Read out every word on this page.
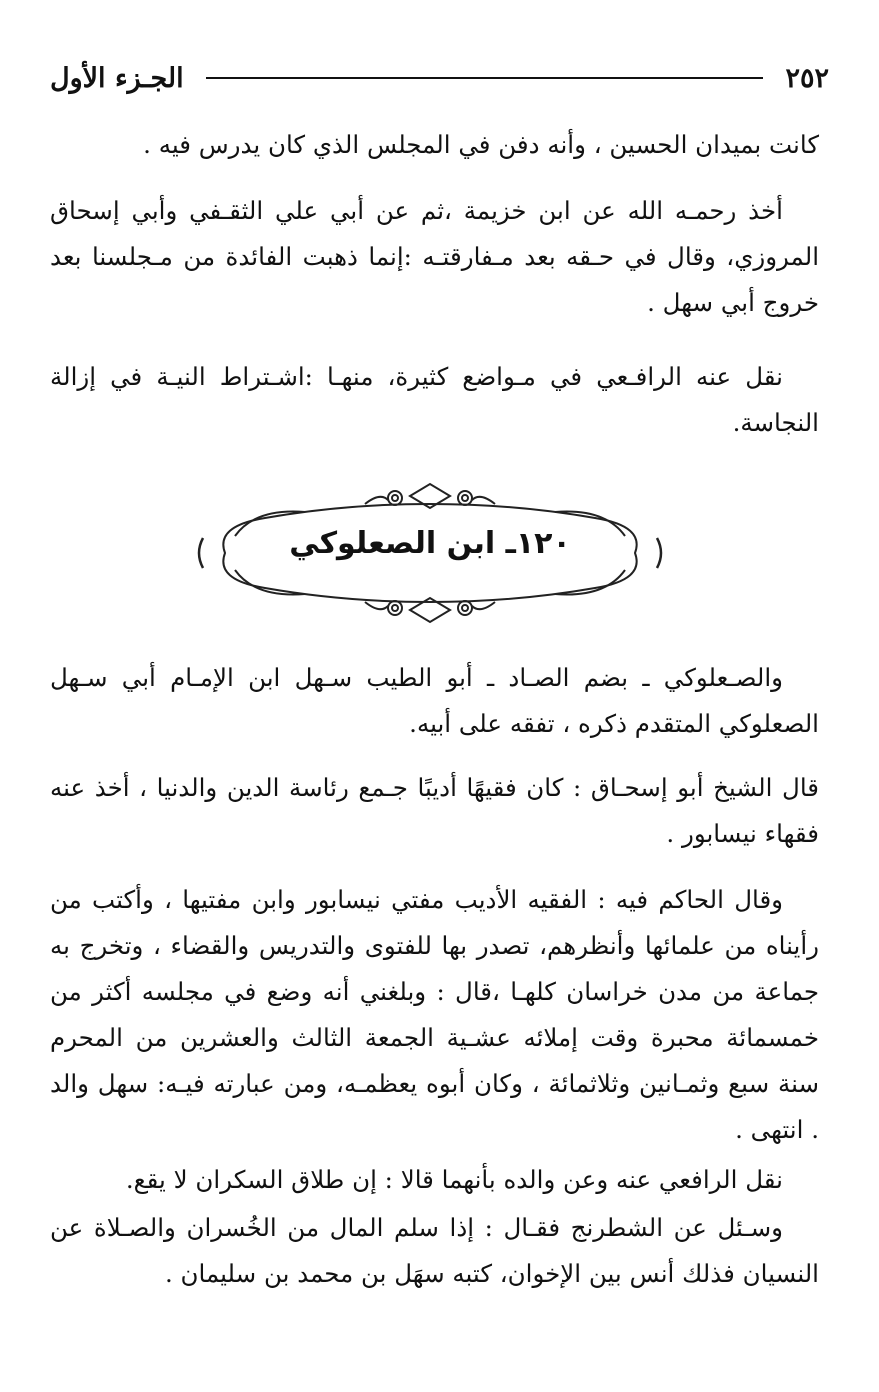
٢٥٢
الجـزء الأول

كانت بميدان الحسين ، وأنه دفن في المجلس الذي كان يدرس فيه .

أخذ رحمـه الله عن ابن خزيمة ،ثم عن أبي علي الثقـفي وأبي إسحاق المروزي، وقال في حـقه بعد مـفارقتـه :إنما ذهبت الفائدة من مـجلسنا بعد خروج أبي سهل .

نقل عنه الرافـعي في مـواضع كثيرة، منهـا :اشـتراط النيـة في إزالة النجاسة.

١٢٠ـ ابن الصعلوكي

والصـعلوكي ـ بضم الصـاد ـ أبو الطيب سـهل ابن الإمـام أبي سـهل الصعلوكي المتقدم ذكره ، تفقه على أبيه.

قال الشيخ أبو إسحـاق : كان فقيهًا أديبًا جـمع رئاسة الدين والدنيا ، أخذ عنه فقهاء نيسابور .

وقال الحاكم فيه : الفقيه الأديب مفتي نيسابور وابن مفتيها ، وأكتب من رأيناه من علمائها وأنظرهم، تصدر بها للفتوى والتدريس والقضاء ، وتخرج به جماعة من مدن خراسان كلهـا ،قال : وبلغني أنه وضع في مجلسه أكثر من خمسمائة محبرة وقت إملائه عشـية الجمعة الثالث والعشرين من المحرم سنة سبع وثمـانين وثلاثمائة ، وكان أبوه يعظمـه، ومن عبارته فيـه: سهل والد . انتهى .

نقل الرافعي عنه وعن والده بأنهما قالا : إن طلاق السكران لا يقع.

وسـئل عن الشطرنج فقـال : إذا سلم المال من الخُسران والصـلاة عن النسيان فذلك أنس بين الإخوان، كتبه سهَل بن محمد بن سليمان .
